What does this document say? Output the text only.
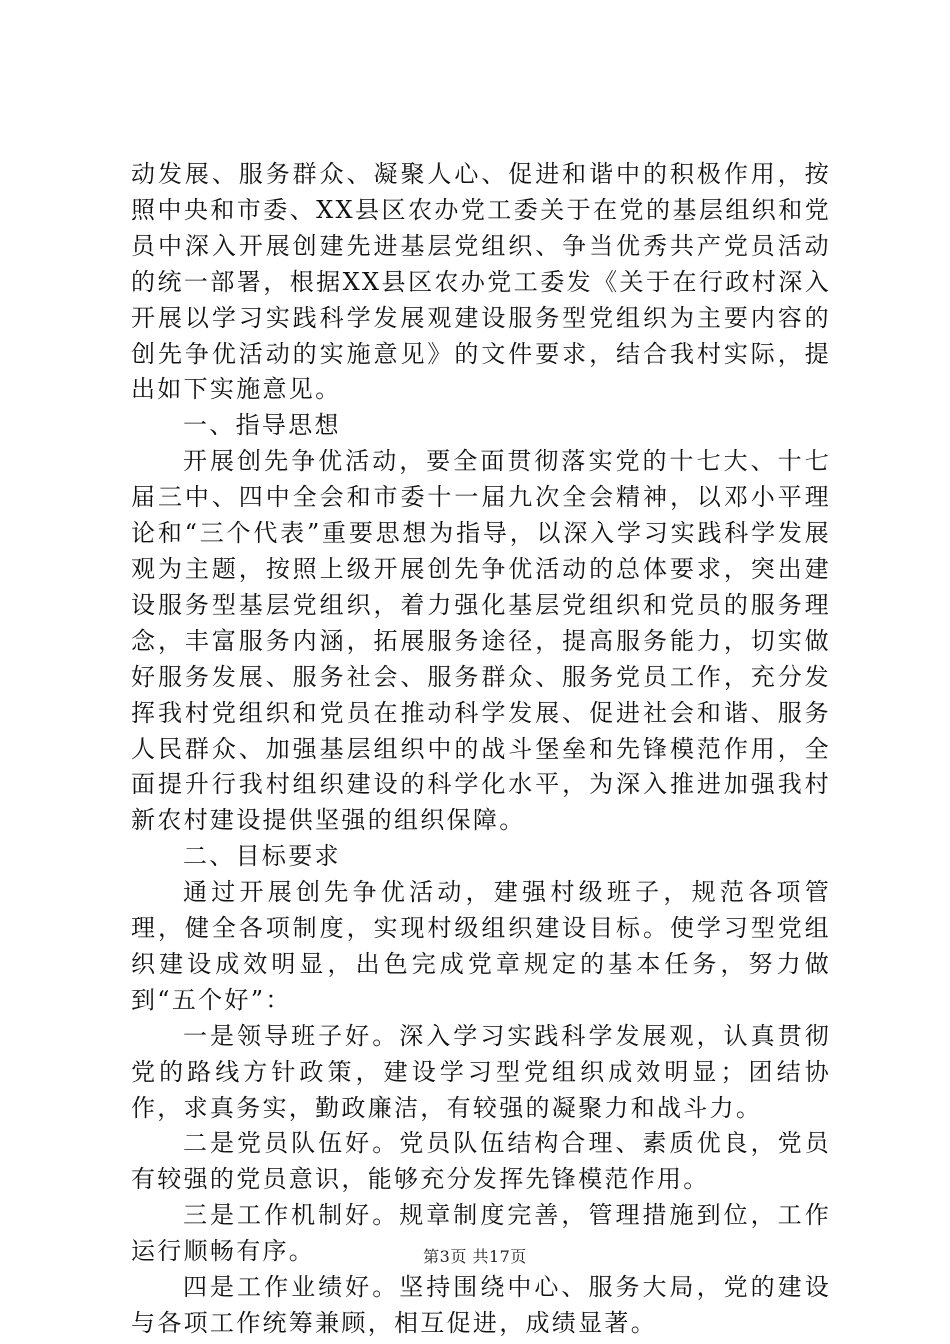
动发展、服务群众、凝聚人心、促进和谐中的积极作用，按照中央和市委、XX县区农办党工委关于在党的基层组织和党员中深入开展创建先进基层党组织、争当优秀共产党员活动的统一部署，根据XX县区农办党工委发《关于在行政村深入开展以学习实践科学发展观建设服务型党组织为主要内容的创先争优活动的实施意见》的文件要求，结合我村实际，提出如下实施意见。

一、指导思想

开展创先争优活动，要全面贯彻落实党的十七大、十七届三中、四中全会和市委十一届九次全会精神，以邓小平理论和“三个代表”重要思想为指导，以深入学习实践科学发展观为主题，按照上级开展创先争优活动的总体要求，突出建设服务型基层党组织，着力强化基层党组织和党员的服务理念，丰富服务内涵，拓展服务途径，提高服务能力，切实做好服务发展、服务社会、服务群众、服务党员工作，充分发挥我村党组织和党员在推动科学发展、促进社会和谐、服务人民群众、加强基层组织中的战斗堡垒和先锋模范作用，全面提升行我村组织建设的科学化水平，为深入推进加强我村新农村建设提供坚强的组织保障。

二、目标要求

通过开展创先争优活动，建强村级班子，规范各项管理，健全各项制度，实现村级组织建设目标。使学习型党组织建设成效明显，出色完成党章规定的基本任务，努力做到“五个好”：

一是领导班子好。深入学习实践科学发展观，认真贯彻党的路线方针政策，建设学习型党组织成效明显；团结协作，求真务实，勤政廉洁，有较强的凝聚力和战斗力。

二是党员队伍好。党员队伍结构合理、素质优良，党员有较强的党员意识，能够充分发挥先锋模范作用。

三是工作机制好。规章制度完善，管理措施到位，工作运行顺畅有序。

四是工作业绩好。坚持围绕中心、服务大局，党的建设与各项工作统筹兼顾，相互促进，成绩显著。

第3页 共17页
